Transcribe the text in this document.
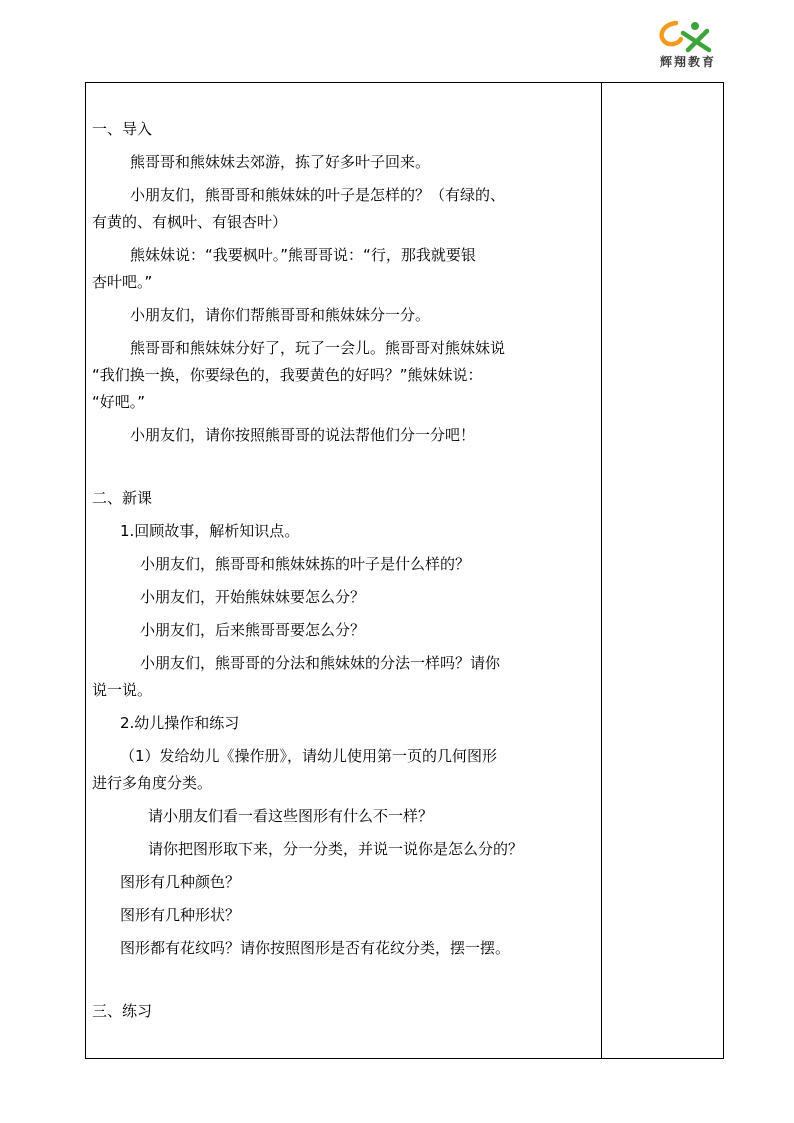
辉翔教育

一、导入

熊哥哥和熊妹妹去郊游，拣了好多叶子回来。

小朋友们，熊哥哥和熊妹妹的叶子是怎样的？（有绿的、

有黄的、有枫叶、有银杏叶）

熊妹妹说：“我要枫叶。”熊哥哥说：“行，那我就要银

杏叶吧。”

小朋友们，请你们帮熊哥哥和熊妹妹分一分。

熊哥哥和熊妹妹分好了，玩了一会儿。熊哥哥对熊妹妹说

“我们换一换，你要绿色的，我要黄色的好吗？”熊妹妹说：

“好吧。”

小朋友们，请你按照熊哥哥的说法帮他们分一分吧！

二、新课

1.回顾故事，解析知识点。

小朋友们，熊哥哥和熊妹妹拣的叶子是什么样的？

小朋友们，开始熊妹妹要怎么分？

小朋友们，后来熊哥哥要怎么分？

小朋友们，熊哥哥的分法和熊妹妹的分法一样吗？请你

说一说。

2.幼儿操作和练习

（1）发给幼儿《操作册》，请幼儿使用第一页的几何图形

进行多角度分类。

请小朋友们看一看这些图形有什么不一样？

请你把图形取下来，分一分类，并说一说你是怎么分的？

图形有几种颜色？

图形有几种形状？

图形都有花纹吗？请你按照图形是否有花纹分类，摆一摆。

三、练习
